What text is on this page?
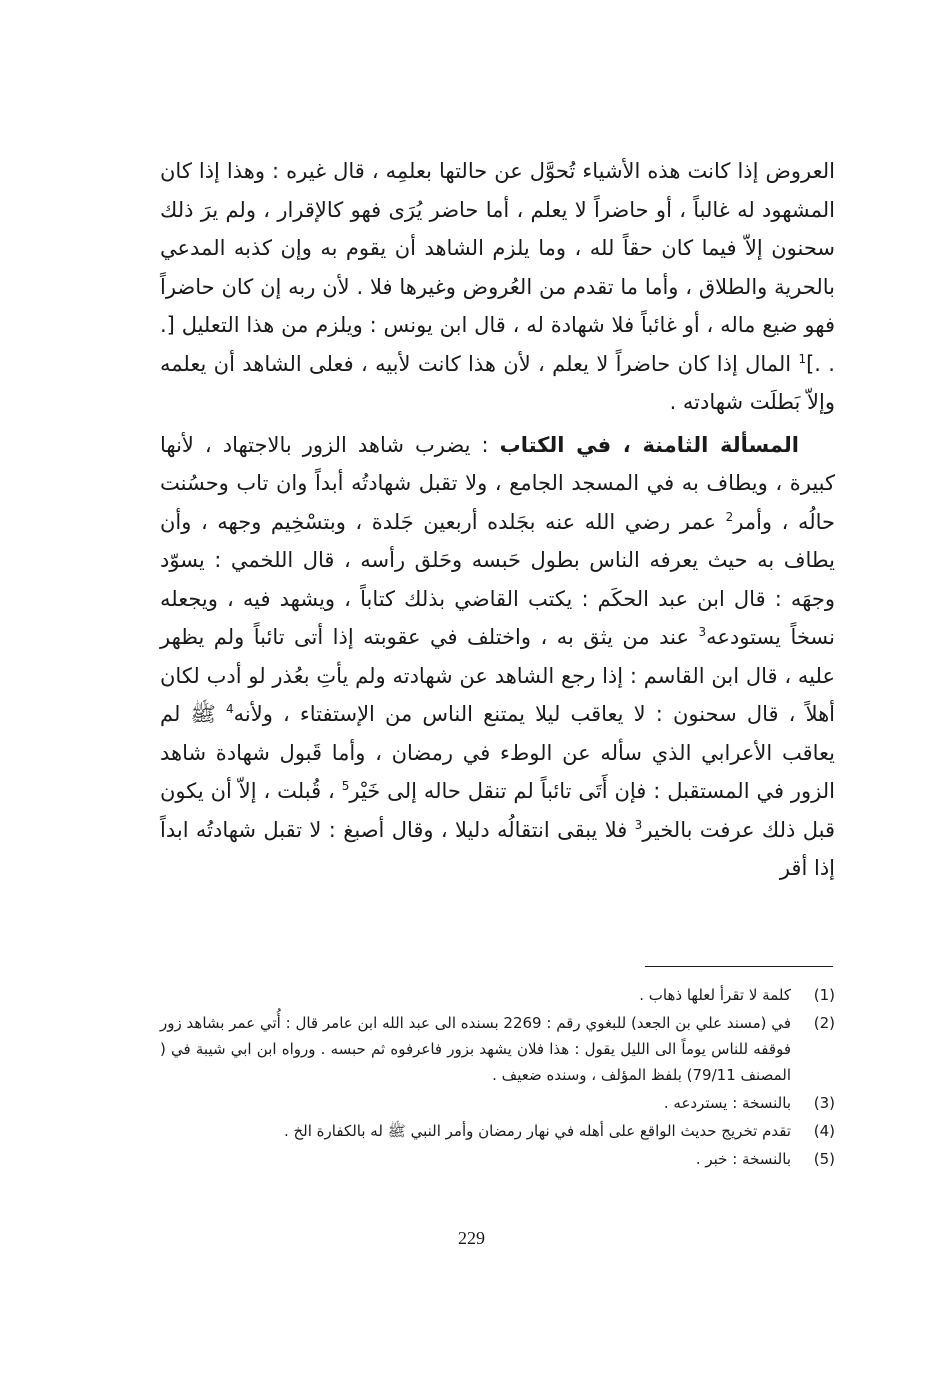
العروض إذا كانت هذه الأشياء تُحوَّل عن حالتها بعلمِه ، قال غيره : وهذا إذا كان المشهود له غالباً ، أو حاضراً لا يعلم ، أما حاضر يُرَى فهو كالإقرار ، ولم يرَ ذلك سحنون إلاّ فيما كان حقاً لله ، وما يلزم الشاهد أن يقوم به وإن كذبه المدعي بالحرية والطلاق ، وأما ما تقدم من العُروض وغيرها فلا . لأن ربه إن كان حاضراً فهو ضيع ماله ، أو غائباً فلا شهادة له ، قال ابن يونس : ويلزم من هذا التعليل [. . .]$^1$ المال إذا كان حاضراً لا يعلم ، لأن هذا كانت لأبيه ، فعلى الشاهد أن يعلمه وإلاّ بَطلَت شهادته .

المسألة الثامنة ، في الكتاب : يضرب شاهد الزور بالاجتهاد ، لأنها كبيرة ، ويطاف به في المسجد الجامع ، ولا تقبل شهادتُه أبداً وان تاب وحسُنت حالُه ، وأمر$^2$ عمر رضي الله عنه بجَلده أربعين جَلدة ، وبتسْخِيم وجهه ، وأن يطاف به حيث يعرفه الناس بطول حَبسه وحَلق رأسه ، قال اللخمي : يسوّد وجهَه : قال ابن عبد الحكَم : يكتب القاضي بذلك كتاباً ، ويشهد فيه ، ويجعله نسخاً يستودعه$^3$ عند من يثق به ، واختلف في عقوبته إذا أتى تائباً ولم يظهر عليه ، قال ابن القاسم : إذا رجع الشاهد عن شهادته ولم يأتِ بعُذر لو أدب لكان أهلاً ، قال سحنون : لا يعاقب ليلا يمتنع الناس من الإستفتاء ، ولأنه$^4$ ﷺ لم يعاقب الأعرابي الذي سأله عن الوطء في رمضان ، وأما قَبول شهادة شاهد الزور في المستقبل : فإن أَتَى تائباً لم تنقل حاله إلى خَيْر$^5$ ، قُبلت ، إلاّ أن يكون قبل ذلك عرفت بالخير$^3$ فلا يبقى انتقالُه دليلا ، وقال أصبغ : لا تقبل شهادتُه ابداً إذا أقر

(1)
كلمة لا تقرأ لعلها ذهاب .
(2)
في (مسند علي بن الجعد) للبغوي رقم : 2269 بسنده الى عبد الله ابن عامر قال : أُتي عمر بشاهد زور فوقفه للناس يوماً الى الليل يقول : هذا فلان يشهد بزور فاعرفوه ثم حبسه . ورواه ابن ابي شيبة في ( المصنف 79/11) بلفظ المؤلف ، وسنده ضعيف .
(3)
بالنسخة : يستردعه .
(4)
تقدم تخريج حديث الواقع على أهله في نهار رمضان وأمر النبي ﷺ له بالكفارة الخ .
(5)
بالنسخة : خبر .
229
